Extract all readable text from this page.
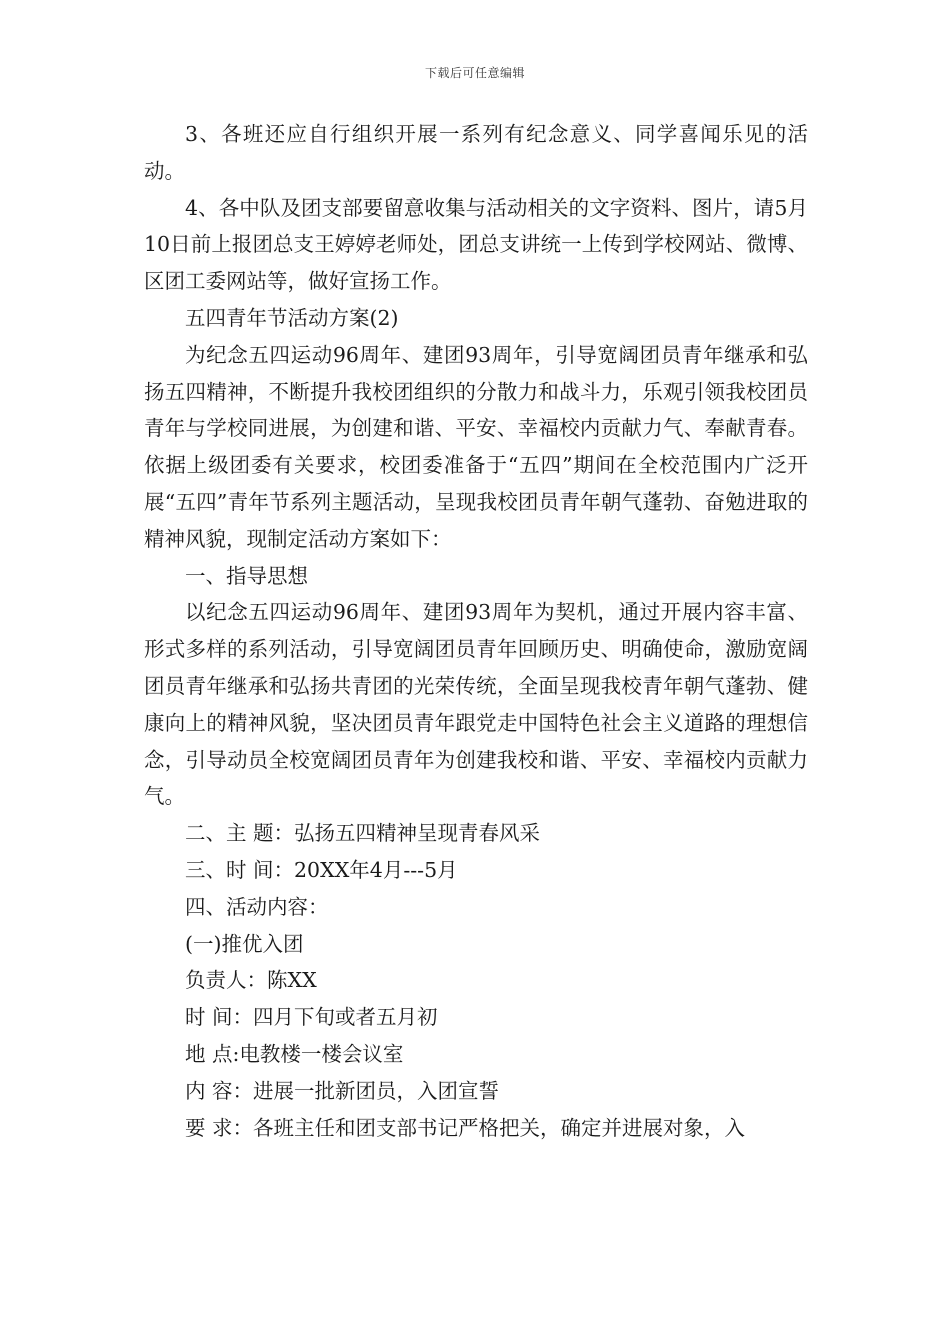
下载后可任意编辑

3、各班还应自行组织开展一系列有纪念意义、同学喜闻乐见的活动。

4、各中队及团支部要留意收集与活动相关的文字资料、图片，请5月10日前上报团总支王婷婷老师处，团总支讲统一上传到学校网站、微博、区团工委网站等，做好宣扬工作。

五四青年节活动方案(2)

为纪念五四运动96周年、建团93周年，引导宽阔团员青年继承和弘扬五四精神，不断提升我校团组织的分散力和战斗力，乐观引领我校团员青年与学校同进展，为创建和谐、平安、幸福校内贡献力气、奉献青春。依据上级团委有关要求，校团委准备于“五四”期间在全校范围内广泛开展“五四”青年节系列主题活动，呈现我校团员青年朝气蓬勃、奋勉进取的精神风貌，现制定活动方案如下：

一、指导思想

以纪念五四运动96周年、建团93周年为契机，通过开展内容丰富、形式多样的系列活动，引导宽阔团员青年回顾历史、明确使命，激励宽阔团员青年继承和弘扬共青团的光荣传统，全面呈现我校青年朝气蓬勃、健康向上的精神风貌，坚决团员青年跟党走中国特色社会主义道路的理想信念，引导动员全校宽阔团员青年为创建我校和谐、平安、幸福校内贡献力气。

二、主 题：弘扬五四精神呈现青春风采

三、时 间：20XX年4月---5月

四、活动内容：

(一)推优入团

负责人：陈XX

时 间：四月下旬或者五月初

地 点:电教楼一楼会议室

内 容：进展一批新团员，入团宣誓

要 求：各班主任和团支部书记严格把关，确定并进展对象，入
